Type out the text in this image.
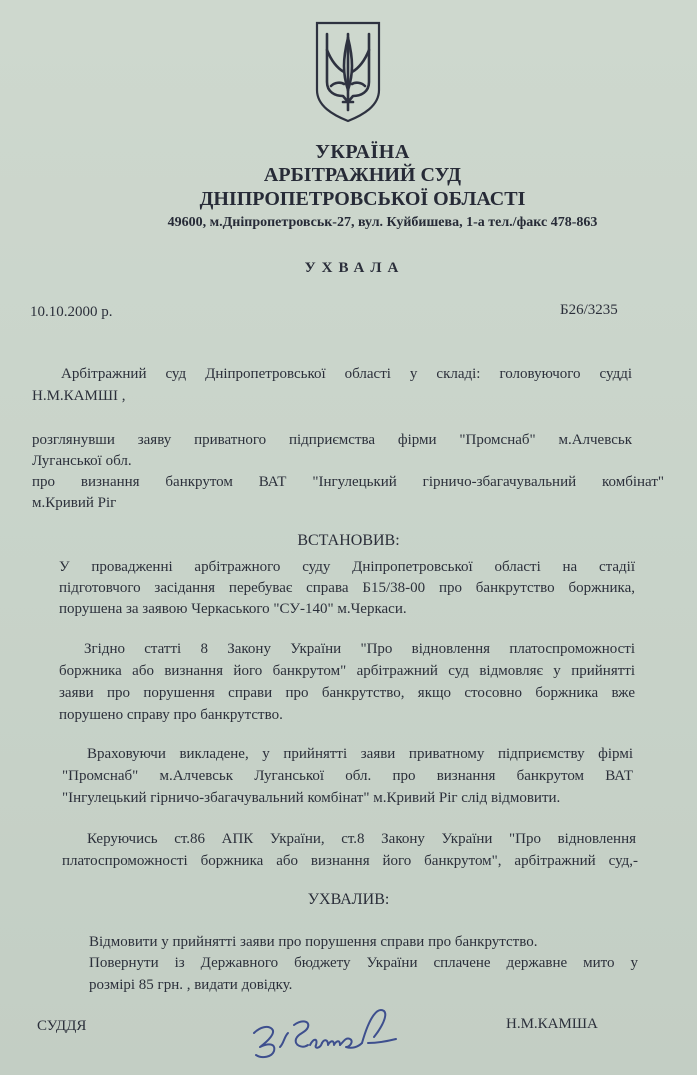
УКРАЇНА
АРБІТРАЖНИЙ СУД
ДНІПРОПЕТРОВСЬКОЇ ОБЛАСТІ
49600, м.Дніпропетровськ-27, вул. Куйбишева, 1-а тел./факс 478-863
УХВАЛА
10.10.2000 р.	Б26/3235
Арбітражний суд Дніпропетровської області у складі: головуючого судді
Н.М.КАМШІ ,
розглянувши заяву приватного підприємства фірми "Промснаб" м.Алчевськ
Луганської обл.
про визнання банкрутом ВАТ "Інгулецький гірничо-збагачувальний комбінат"
м.Кривий Ріг
ВСТАНОВИВ:
У провадженні арбітражного суду Дніпропетровської області на стадії
підготовчого засідання перебуває справа Б15/38-00 про банкрутство боржника,
порушена за заявою Черкаського "СУ-140" м.Черкаси.
Згідно статті 8 Закону України "Про відновлення платоспроможності
боржника або визнання його банкрутом" арбітражний суд відмовляє у прийнятті
заяви про порушення справи про банкрутство, якщо стосовно боржника вже
порушено справу про банкрутство.
Враховуючи викладене, у прийнятті заяви приватному підприємству фірмі
"Промснаб" м.Алчевськ Луганської обл. про визнання банкрутом ВАТ
"Інгулецький гірничо-збагачувальний комбінат" м.Кривий Ріг слід відмовити.
Керуючись ст.86 АПК України, ст.8 Закону України "Про відновлення
платоспроможності боржника або визнання його банкрутом", арбітражний суд,-
УХВАЛИВ:
Відмовити у прийнятті заяви про порушення справи про банкрутство.
Повернути із Державного бюджету України сплачене державне мито у
розмірі 85 грн. , видати довідку.
СУДДЯ	Н.М.КАМША
